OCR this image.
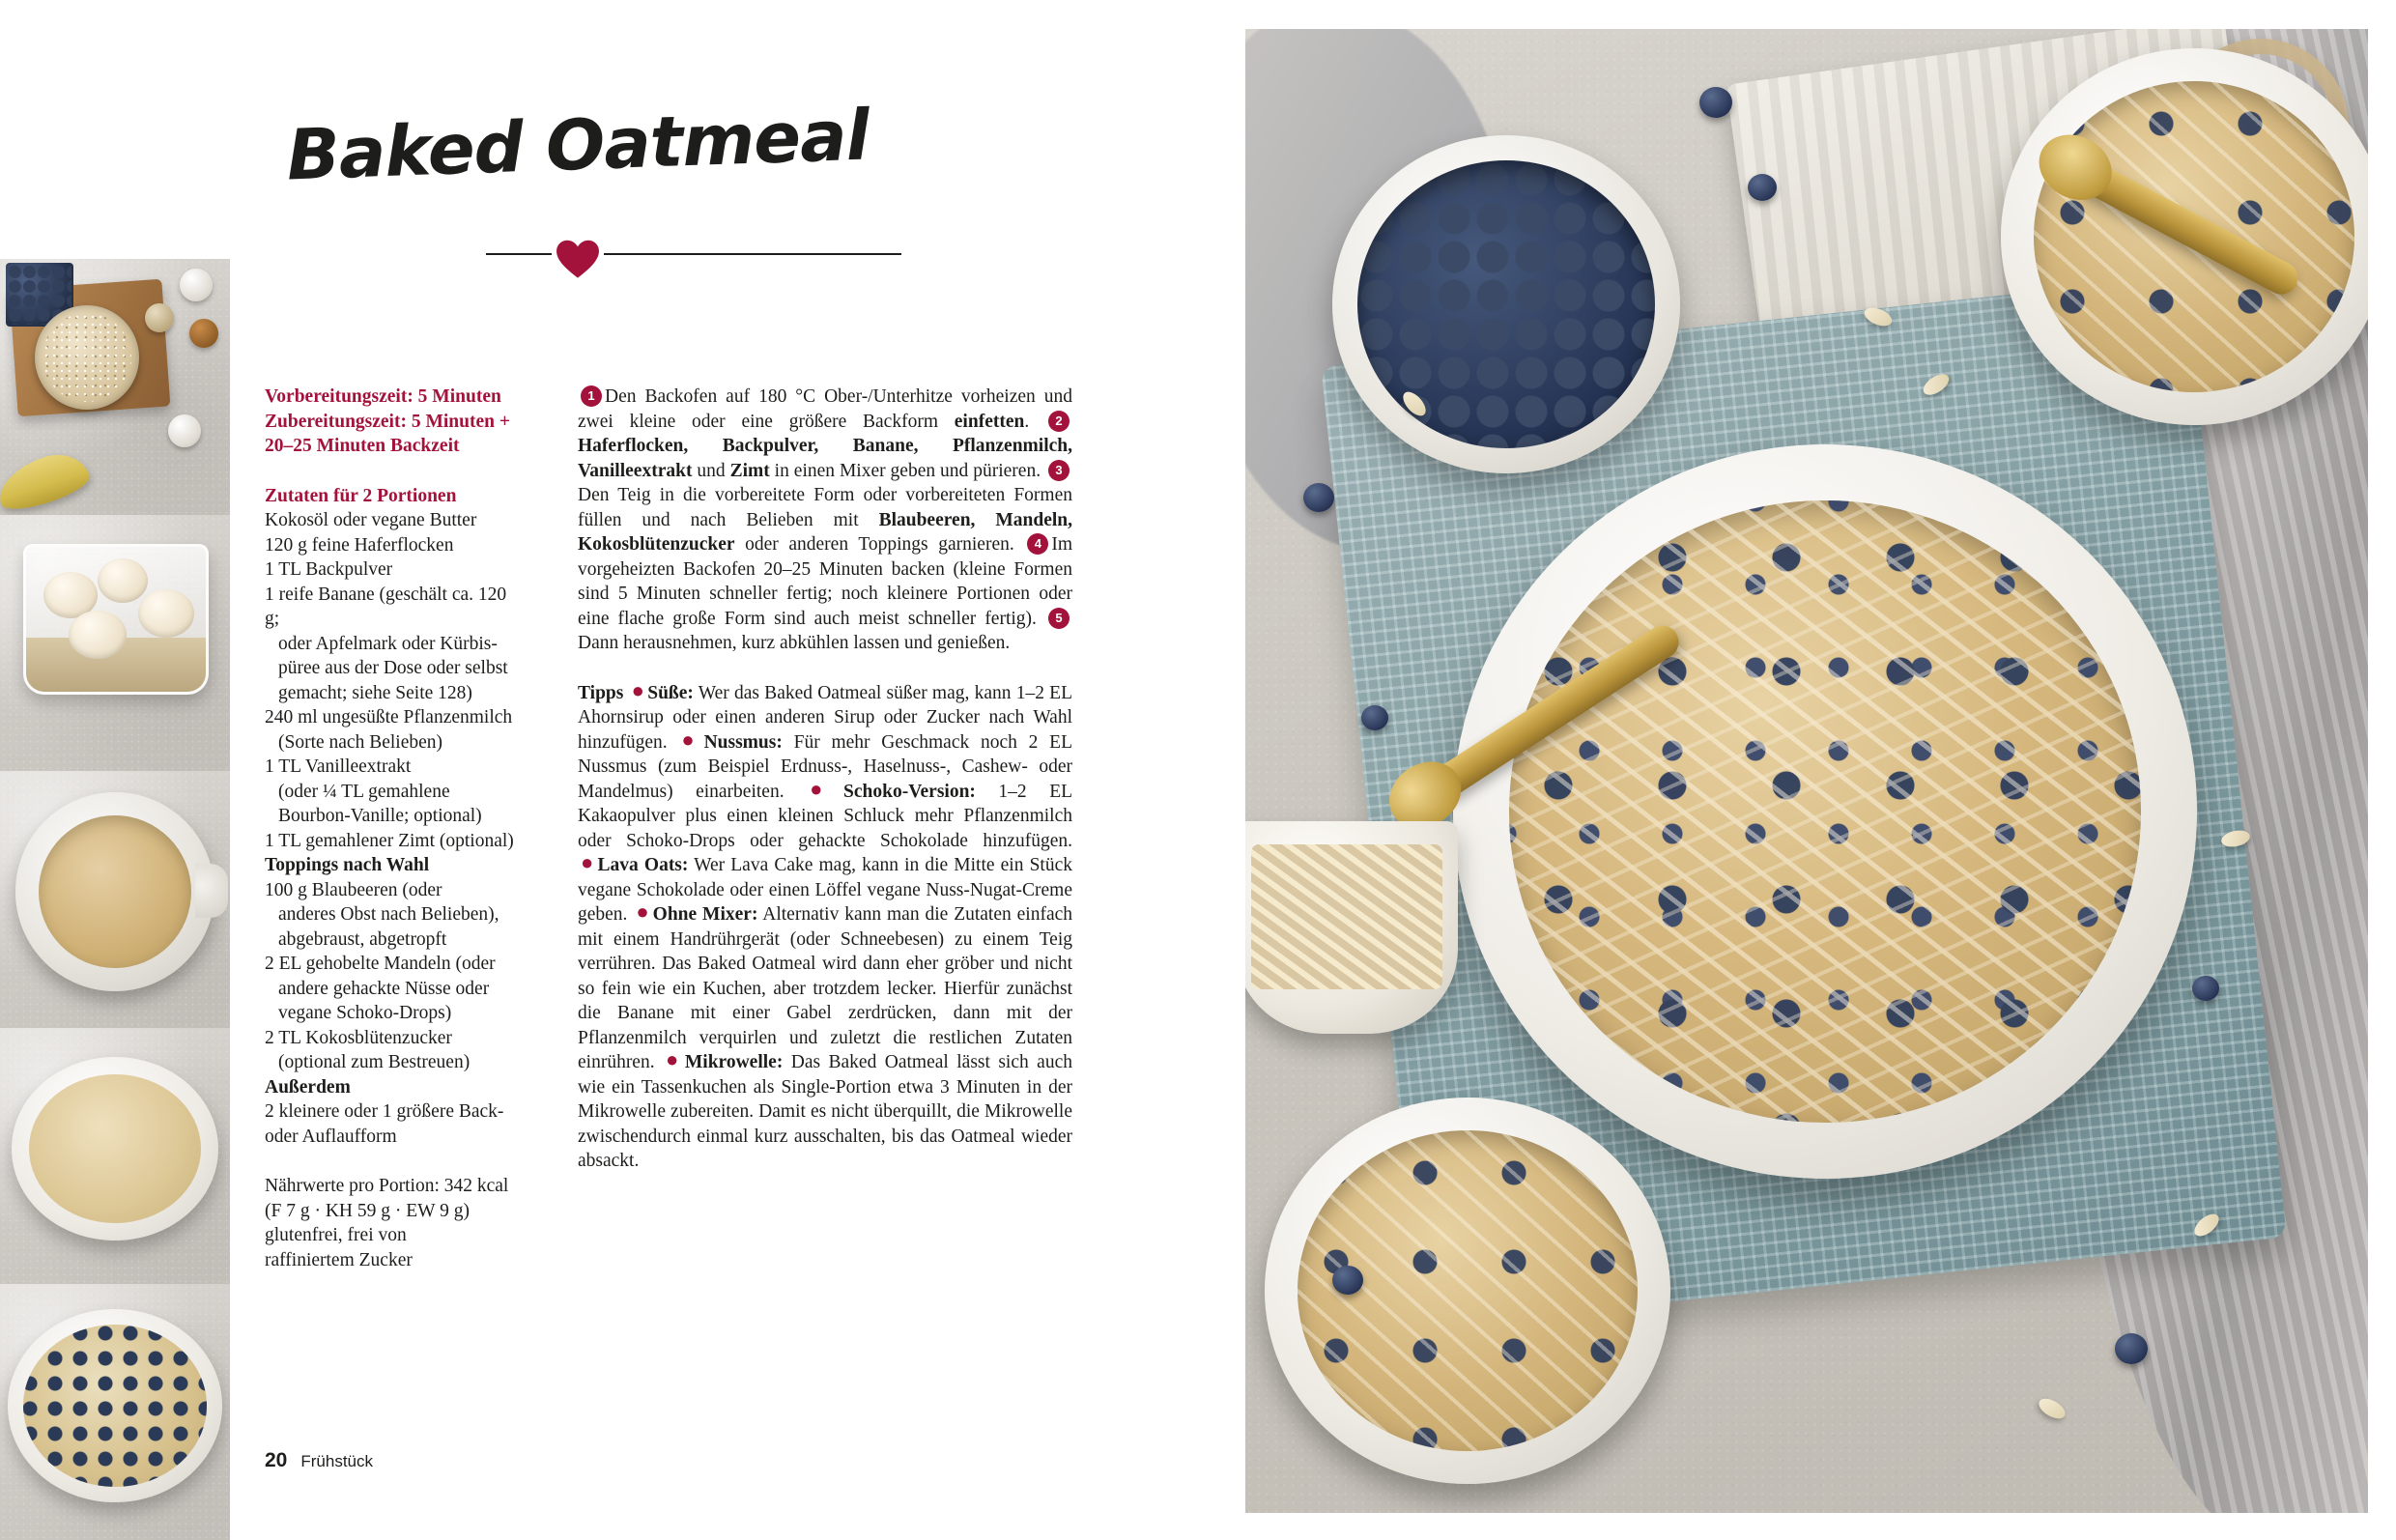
Baked Oatmeal
Vorbereitungszeit: 5 Minuten
Zubereitungszeit: 5 Minuten +
20–25 Minuten Backzeit
Zutaten für 2 Portionen
Kokosöl oder vegane Butter
120 g feine Haferflocken
1 TL Backpulver
1 reife Banane (geschält ca. 120 g;
oder Apfelmark oder Kürbis-
püree aus der Dose oder selbst
gemacht; siehe Seite 128)
240 ml ungesüßte Pflanzenmilch
(Sorte nach Belieben)
1 TL Vanilleextrakt
(oder ¼ TL gemahlene
Bourbon-Vanille; optional)
1 TL gemahlener Zimt (optional)
Toppings nach Wahl
100 g Blaubeeren (oder
anderes Obst nach Belieben),
abgebraust, abgetropft
2 EL gehobelte Mandeln (oder
andere gehackte Nüsse oder
vegane Schoko-Drops)
2 TL Kokosblütenzucker
(optional zum Bestreuen)
Außerdem
2 kleinere oder 1 größere Back-
oder Auflaufform
Nährwerte pro Portion: 342 kcal
(F 7 g · KH 59 g · EW 9 g)
glutenfrei, frei von
raffiniertem Zucker

1 Den Backofen auf 180 °C Ober-/Unterhitze vorheizen und zwei kleine oder eine größere Backform einfetten. 2Haferflocken, Backpulver, Banane, Pflanzenmilch, Vanilleextrakt und Zimt in einen Mixer geben und pürieren. 3Den Teig in die vorbereitete Form oder vorbereiteten Formen füllen und nach Belieben mit Blaubeeren, Mandeln, Kokosblütenzucker oder anderen Toppings garnieren. 4 Im vorgeheizten Backofen 20–25 Minuten backen (kleine Formen sind 5 Minuten schneller fertig; noch kleinere Portionen oder eine flache große Form sind auch meist schneller fertig). 5Dann herausnehmen, kurz abkühlen lassen und genießen.

Tipps ● Süße: Wer das Baked Oatmeal süßer mag, kann 1–2 EL Ahornsirup oder einen anderen Sirup oder Zucker nach Wahl hinzufügen. ● Nussmus: Für mehr Geschmack noch 2 EL Nussmus (zum Beispiel Erdnuss-, Haselnuss-, Cashew- oder Mandelmus) einarbeiten. ● Schoko-Version: 1–2 EL Kakaopulver plus einen kleinen Schluck mehr Pflanzenmilch oder Schoko-Drops oder gehackte Schokolade hinzufügen. ● Lava Oats: Wer Lava Cake mag, kann in die Mitte ein Stück vegane Schokolade oder einen Löffel vegane Nuss-Nugat-Creme geben. ● Ohne Mixer: Alternativ kann man die Zutaten einfach mit einem Handrührgerät (oder Schneebesen) zu einem Teig verrühren. Das Baked Oatmeal wird dann eher gröber und nicht so fein wie ein Kuchen, aber trotzdem lecker. Hierfür zunächst die Banane mit einer Gabel zerdrücken, dann mit der Pflanzenmilch verquirlen und zuletzt die restlichen Zutaten einrühren. ● Mikrowelle: Das Baked Oatmeal lässt sich auch wie ein Tassenkuchen als Single-Portion etwa 3 Minuten in der Mikrowelle zubereiten. Damit es nicht überquillt, die Mikrowelle zwischendurch einmal kurz ausschalten, bis das Oatmeal wieder absackt.

20 Frühstück
